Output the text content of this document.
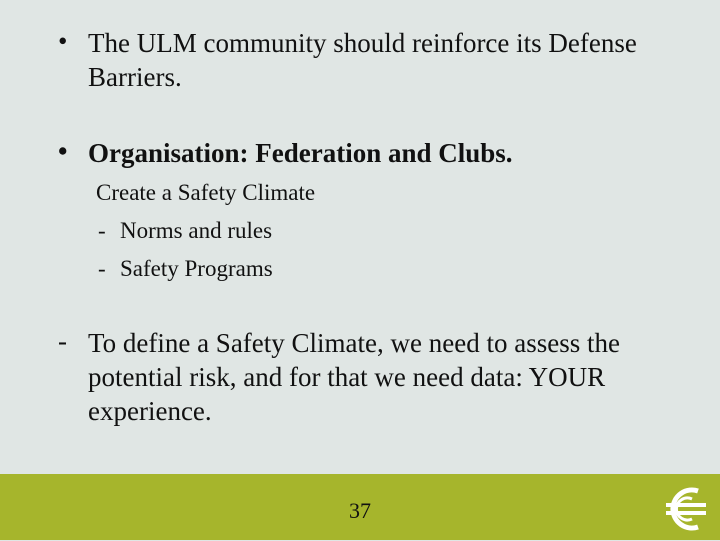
• The ULM community should reinforce its Defense Barriers.
• Organisation: Federation and Clubs.
Create a Safety Climate
- Norms and rules
- Safety Programs
- To define a Safety Climate, we need to assess the potential risk, and for that we need data: YOUR experience.
37
